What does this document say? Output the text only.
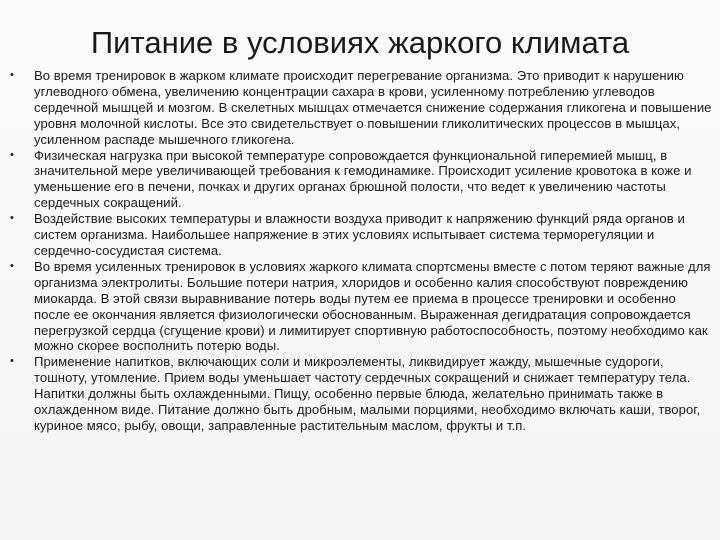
Питание в условиях жаркого климата
•	Во время тренировок в жарком климате происходит перегревание организма. Это приводит к нарушению углеводного обмена, увеличению концентрации сахара в крови, усиленному потреблению углеводов сердечной мышцей и мозгом. В скелетных мышцах отмечается снижение содержания гликогена и повышение уровня молочной кислоты. Все это свидетельствует о повышении гликолитических процессов в мышцах, усиленном распаде мышечного гликогена.
•	Физическая нагрузка при высокой температуре сопровождается функциональной гиперемией мышц, в значительной мере увеличивающей требования к гемодинамике. Происходит усиление кровотока в коже и уменьшение его в печени, почках и других органах брюшной полости, что ведет к увеличению частоты сердечных сокращений.
•	Воздействие высоких температуры и влажности воздуха приводит к напряжению функций ряда органов и систем организма. Наибольшее напряжение в этих условиях испытывает система терморегуляции и сердечно-сосудистая система.
•	Во время усиленных тренировок в условиях жаркого климата спортсмены вместе с потом теряют важные для организма электролиты. Большие потери натрия, хлоридов и особенно калия способствуют повреждению миокарда. В этой связи выравнивание потерь воды путем ее приема в процессе тренировки и особенно после ее окончания является физиологически обоснованным. Выраженная дегидратация сопровождается перегрузкой сердца (сгущение крови) и лимитирует спортивную работоспособность, поэтому необходимо как можно скорее восполнить потерю воды.
•	Применение напитков, включающих соли и микроэлементы, ликвидирует жажду, мышечные судороги, тошноту, утомление. Прием воды уменьшает частоту сердечных сокращений и снижает температуру тела. Напитки должны быть охлажденными. Пищу, особенно первые блюда, желательно принимать также в охлажденном виде. Питание должно быть дробным, малыми порциями, необходимо включать каши, творог, куриное мясо, рыбу, овощи, заправленные растительным маслом, фрукты и т.п.
